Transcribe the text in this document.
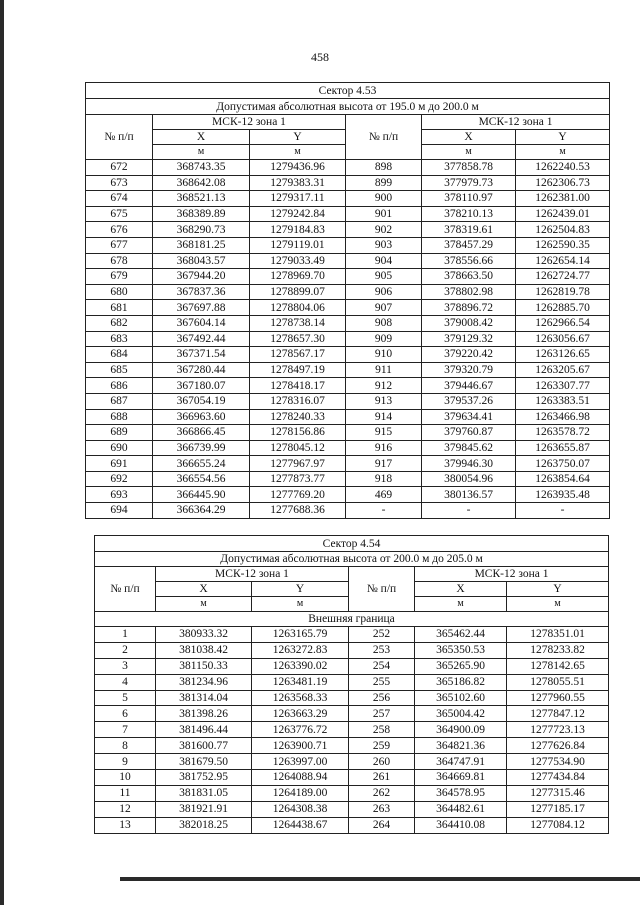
458
Сектор 4.53					
Допустимая абсолютная высота от 195.0 м до 200.0 м					
№ п/п	МСК-12 зона 1		№ п/п	МСК-12 зона 1	
	X	Y		X	Y
	м	м		м	м
672	368743.35	1279436.96	898	377858.78	1262240.53
673	368642.08	1279383.31	899	377979.73	1262306.73
674	368521.13	1279317.11	900	378110.97	1262381.00
675	368389.89	1279242.84	901	378210.13	1262439.01
676	368290.73	1279184.83	902	378319.61	1262504.83
677	368181.25	1279119.01	903	378457.29	1262590.35
678	368043.57	1279033.49	904	378556.66	1262654.14
679	367944.20	1278969.70	905	378663.50	1262724.77
680	367837.36	1278899.07	906	378802.98	1262819.78
681	367697.88	1278804.06	907	378896.72	1262885.70
682	367604.14	1278738.14	908	379008.42	1262966.54
683	367492.44	1278657.30	909	379129.32	1263056.67
684	367371.54	1278567.17	910	379220.42	1263126.65
685	367280.44	1278497.19	911	379320.79	1263205.67
686	367180.07	1278418.17	912	379446.67	1263307.77
687	367054.19	1278316.07	913	379537.26	1263383.51
688	366963.60	1278240.33	914	379634.41	1263466.98
689	366866.45	1278156.86	915	379760.87	1263578.72
690	366739.99	1278045.12	916	379845.62	1263655.87
691	366655.24	1277967.97	917	379946.30	1263750.07
692	366554.56	1277873.77	918	380054.96	1263854.64
693	366445.90	1277769.20	469	380136.57	1263935.48
694	366364.29	1277688.36	-	-	-
Сектор 4.54					
Допустимая абсолютная высота от 200.0 м до 205.0 м					
№ п/п	МСК-12 зона 1		№ п/п	МСК-12 зона 1	
	X	Y		X	Y
	м	м		м	м
Внешняя граница					
1	380933.32	1263165.79	252	365462.44	1278351.01
2	381038.42	1263272.83	253	365350.53	1278233.82
3	381150.33	1263390.02	254	365265.90	1278142.65
4	381234.96	1263481.19	255	365186.82	1278055.51
5	381314.04	1263568.33	256	365102.60	1277960.55
6	381398.26	1263663.29	257	365004.42	1277847.12
7	381496.44	1263776.72	258	364900.09	1277723.13
8	381600.77	1263900.71	259	364821.36	1277626.84
9	381679.50	1263997.00	260	364747.91	1277534.90
10	381752.95	1264088.94	261	364669.81	1277434.84
11	381831.05	1264189.00	262	364578.95	1277315.46
12	381921.91	1264308.38	263	364482.61	1277185.17
13	382018.25	1264438.67	264	364410.08	1277084.12
